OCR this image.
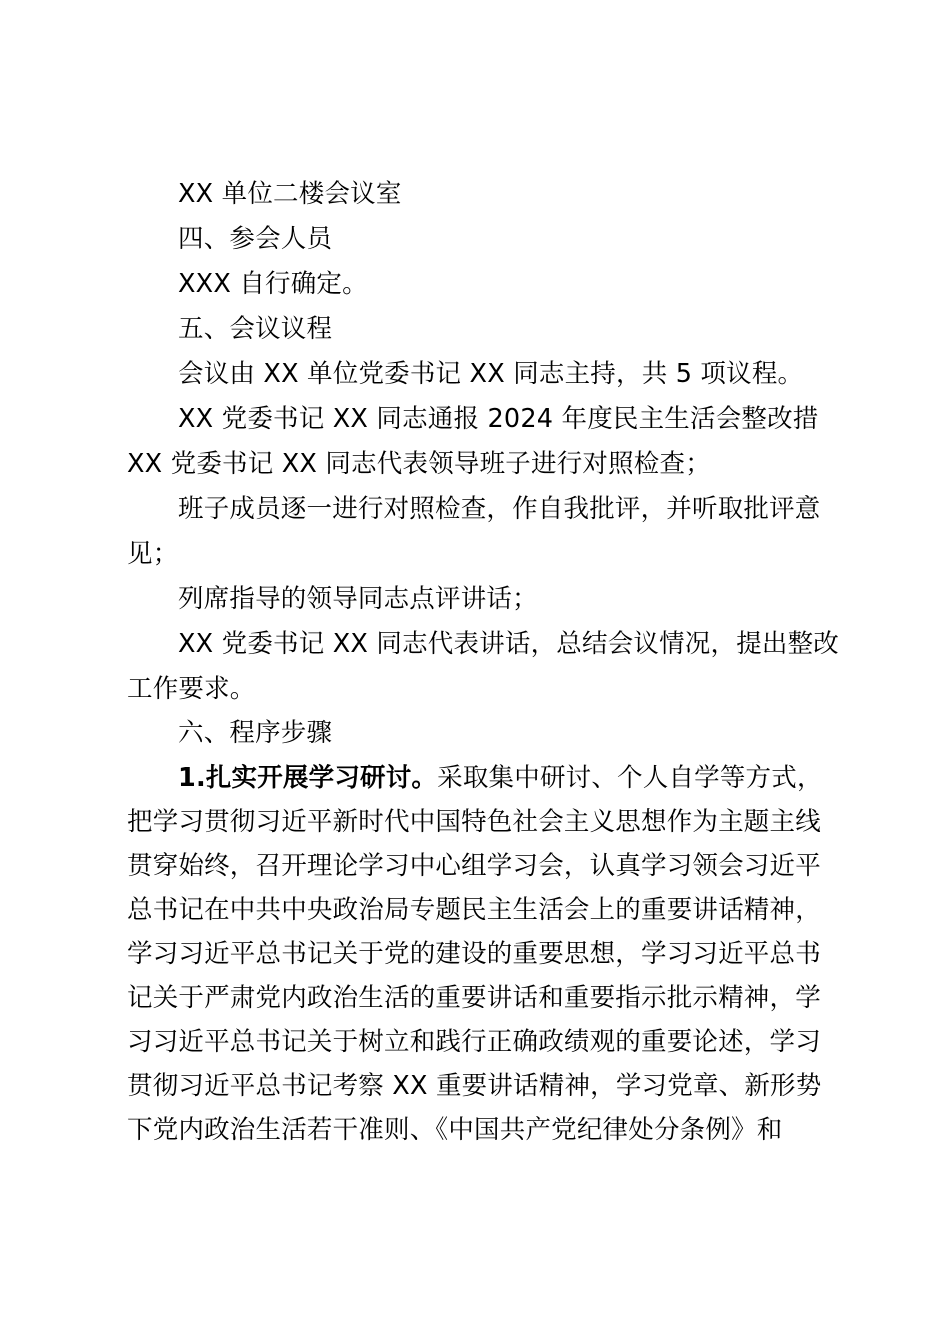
XX 单位二楼会议室
四、参会人员
XXX 自行确定。
五、会议议程
会议由 XX 单位党委书记 XX 同志主持，共 5 项议程。
XX 党委书记 XX 同志通报 2024 年度民主生活会整改措
XX 党委书记 XX 同志代表领导班子进行对照检查；
班子成员逐一进行对照检查，作自我批评，并听取批评意
见；
列席指导的领导同志点评讲话；
XX 党委书记 XX 同志代表讲话，总结会议情况，提出整改
工作要求。
六、程序步骤
1.扎实开展学习研讨。采取集中研讨、个人自学等方式，
把学习贯彻习近平新时代中国特色社会主义思想作为主题主线
贯穿始终，召开理论学习中心组学习会，认真学习领会习近平
总书记在中共中央政治局专题民主生活会上的重要讲话精神，
学习习近平总书记关于党的建设的重要思想，学习习近平总书
记关于严肃党内政治生活的重要讲话和重要指示批示精神，学
习习近平总书记关于树立和践行正确政绩观的重要论述，学习
贯彻习近平总书记考察 XX 重要讲话精神，学习党章、新形势
下党内政治生活若干准则、《中国共产党纪律处分条例》和
